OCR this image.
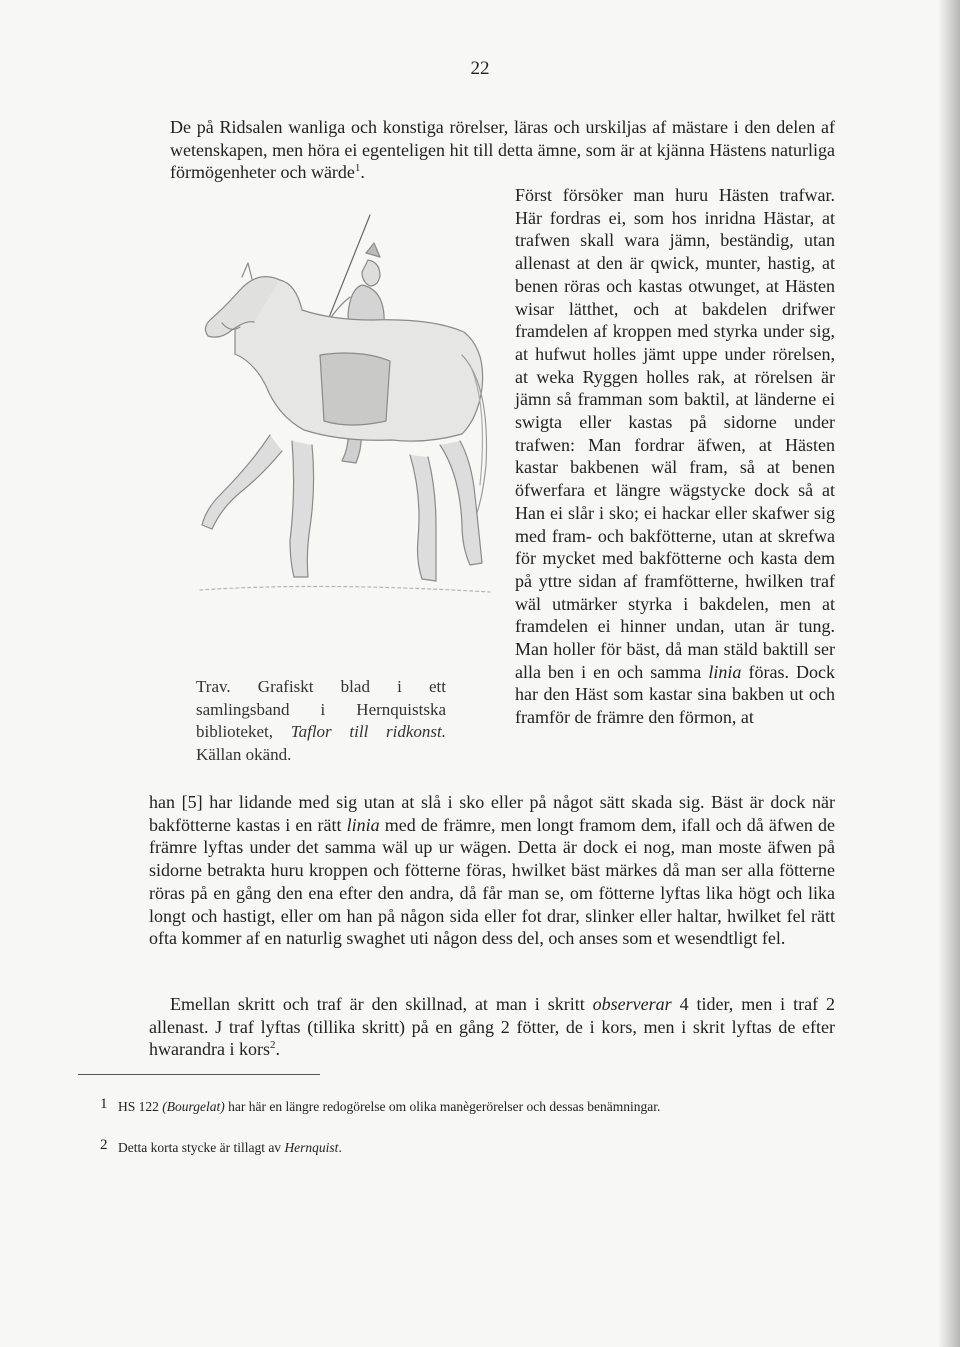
22

De på Ridsalen wanliga och konstiga rörelser, läras och urskiljas af mästare i den delen af wetenskapen, men höra ei egenteligen hit till detta ämne, som är at kjänna Hästens naturliga förmögenheter och wärde$^1$.

Först försöker man huru Hästen trafwar. Här fordras ei, som hos inridna Hästar, at trafwen skall wara jämn, beständig, utan allenast at den är qwick, munter, hastig, at benen röras och kastas otwunget, at Hästen wisar lätthet, och at bakdelen drifwer framdelen af kroppen med styrka under sig, at hufwut holles jämt uppe under rörelsen, at weka Ryggen holles rak, at rörelsen är jämn så framman som baktil, at länderne ei swigta eller kastas på sidorne under trafwen: Man fordrar äfwen, at Hästen kastar bakbenen wäl fram, så at benen öfwerfara et längre wägstycke dock så at Han ei slår i sko; ei hackar eller skafwer sig med fram- och bakfötterne, utan at skrefwa för mycket med bakfötterne och kasta dem på yttre sidan af framfötterne, hwilken traf wäl utmärker styrka i bakdelen, men at framdelen ei hinner undan, utan är tung. Man holler för bäst, då man stäld baktill ser alla ben i en och samma linia föras. Dock har den Häst som kastar sina bakben ut och framför de främre den förmon, at

Trav. Grafiskt blad i ett samlingsband i Hernquistska biblioteket, Taflor till ridkonst. Källan okänd.

han [5] har lidande med sig utan at slå i sko eller på något sätt skada sig. Bäst är dock när bakfötterne kastas i en rätt linia med de främre, men longt framom dem, ifall och då äfwen de främre lyftas under det samma wäl up ur wägen. Detta är dock ei nog, man moste äfwen på sidorne betrakta huru kroppen och fötterne föras, hwilket bäst märkes då man ser alla fötterne röras på en gång den ena efter den andra, då får man se, om fötterne lyftas lika högt och lika longt och hastigt, eller om han på någon sida eller fot drar, slinker eller haltar, hwilket fel rätt ofta kommer af en naturlig swaghet uti någon dess del, och anses som et wesendtligt fel.

Emellan skritt och traf är den skillnad, at man i skritt observerar 4 tider, men i traf 2 allenast. J traf lyftas (tillika skritt) på en gång 2 fötter, de i kors, men i skrit lyftas de efter hwarandra i kors$^2$.

1 HS 122 (Bourgelat) har här en längre redogörelse om olika manègerörelser och dessas benämningar.
2 Detta korta stycke är tillagt av Hernquist.
